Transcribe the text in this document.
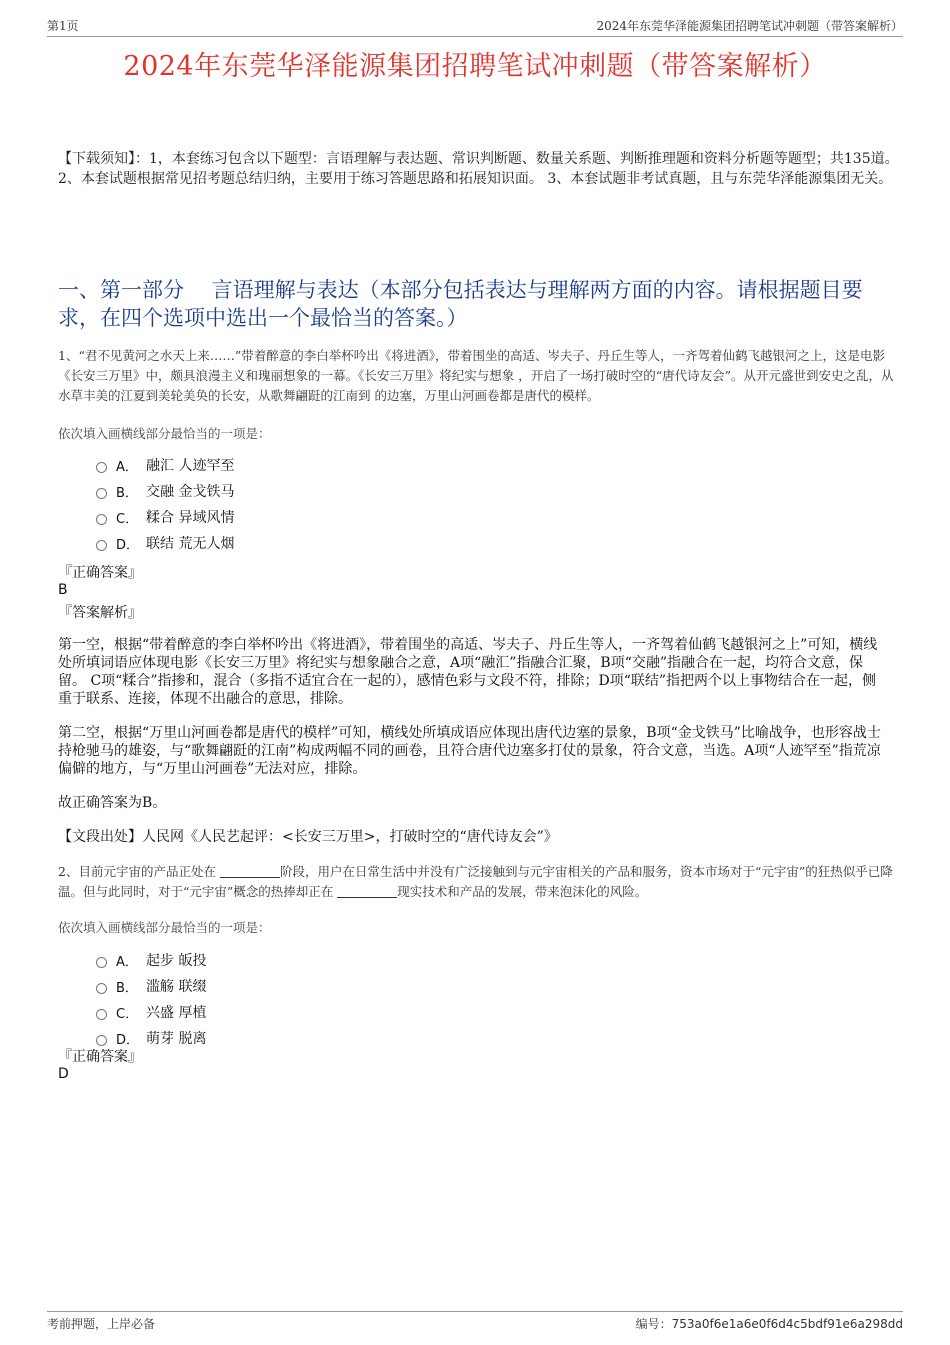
第1页	2024年东莞华泽能源集团招聘笔试冲刺题（带答案解析）
2024年东莞华泽能源集团招聘笔试冲刺题（带答案解析）
【下载须知】：1，本套练习包含以下题型：言语理解与表达题、常识判断题、数量关系题、判断推理题和资料分析题等题型；共135道。 2、本套试题根据常见招考题总结归纳，主要用于练习答题思路和拓展知识面。 3、本套试题非考试真题，且与东莞华泽能源集团无关。
一、第一部分 　言语理解与表达（本部分包括表达与理解两方面的内容。请根据题目要求，在四个选项中选出一个最恰当的答案。）
1、“君不见黄河之水天上来……”带着醉意的李白举杯吟出《将进酒》，带着围坐的高适、岑夫子、丹丘生等人，一齐驾着仙鹤飞越银河之上，这是电影《长安三万里》中，颇具浪漫主义和瑰丽想象的一幕。《长安三万里》将纪实与想象 ，开启了一场打破时空的“唐代诗友会”。从开元盛世到安史之乱，从水草丰美的江夏到美轮美奂的长安，从歌舞翩跹的江南到 的边塞，万里山河画卷都是唐代的模样。
依次填入画横线部分最恰当的一项是：
A． 融汇 人迹罕至
B． 交融 金戈铁马
C． 糅合 异域风情
D． 联结 荒无人烟
『正确答案』
B
『答案解析』
第一空，根据“带着醉意的李白举杯吟出《将进酒》，带着围坐的高适、岑夫子、丹丘生等人，一齐驾着仙鹤飞越银河之上”可知，横线处所填词语应体现电影《长安三万里》将纪实与想象融合之意，A项“融汇”指融合汇聚，B项“交融”指融合在一起，均符合文意，保留。 C项“糅合”指掺和，混合（多指不适宜合在一起的），感情色彩与文段不符，排除；D项“联结”指把两个以上事物结合在一起，侧重于联系、连接，体现不出融合的意思，排除。
第二空，根据“万里山河画卷都是唐代的模样”可知，横线处所填成语应体现出唐代边塞的景象，B项“金戈铁马”比喻战争，也形容战士持枪驰马的雄姿，与“歌舞翩跹的江南”构成两幅不同的画卷，且符合唐代边塞多打仗的景象，符合文意，当选。A项“人迹罕至”指荒凉偏僻的地方，与“万里山河画卷”无法对应，排除。
故正确答案为B。
【文段出处】人民网《人民艺起评：<长安三万里>，打破时空的“唐代诗友会”》
2、目前元宇宙的产品正处在	阶段，用户在日常生活中并没有广泛接触到与元宇宙相关的产品和服务，资本市场对于“元宇宙”的狂热似乎已降温。但与此同时，对于“元宇宙”概念的热捧却正在	现实技术和产品的发展，带来泡沫化的风险。
依次填入画横线部分最恰当的一项是：
A． 起步 皈投
B． 滥觞 联缀
C． 兴盛 厚植
D． 萌芽 脱离
『正确答案』
D
考前押题，上岸必备	编号：753a0f6e1a6e0f6d4c5bdf91e6a298dd
